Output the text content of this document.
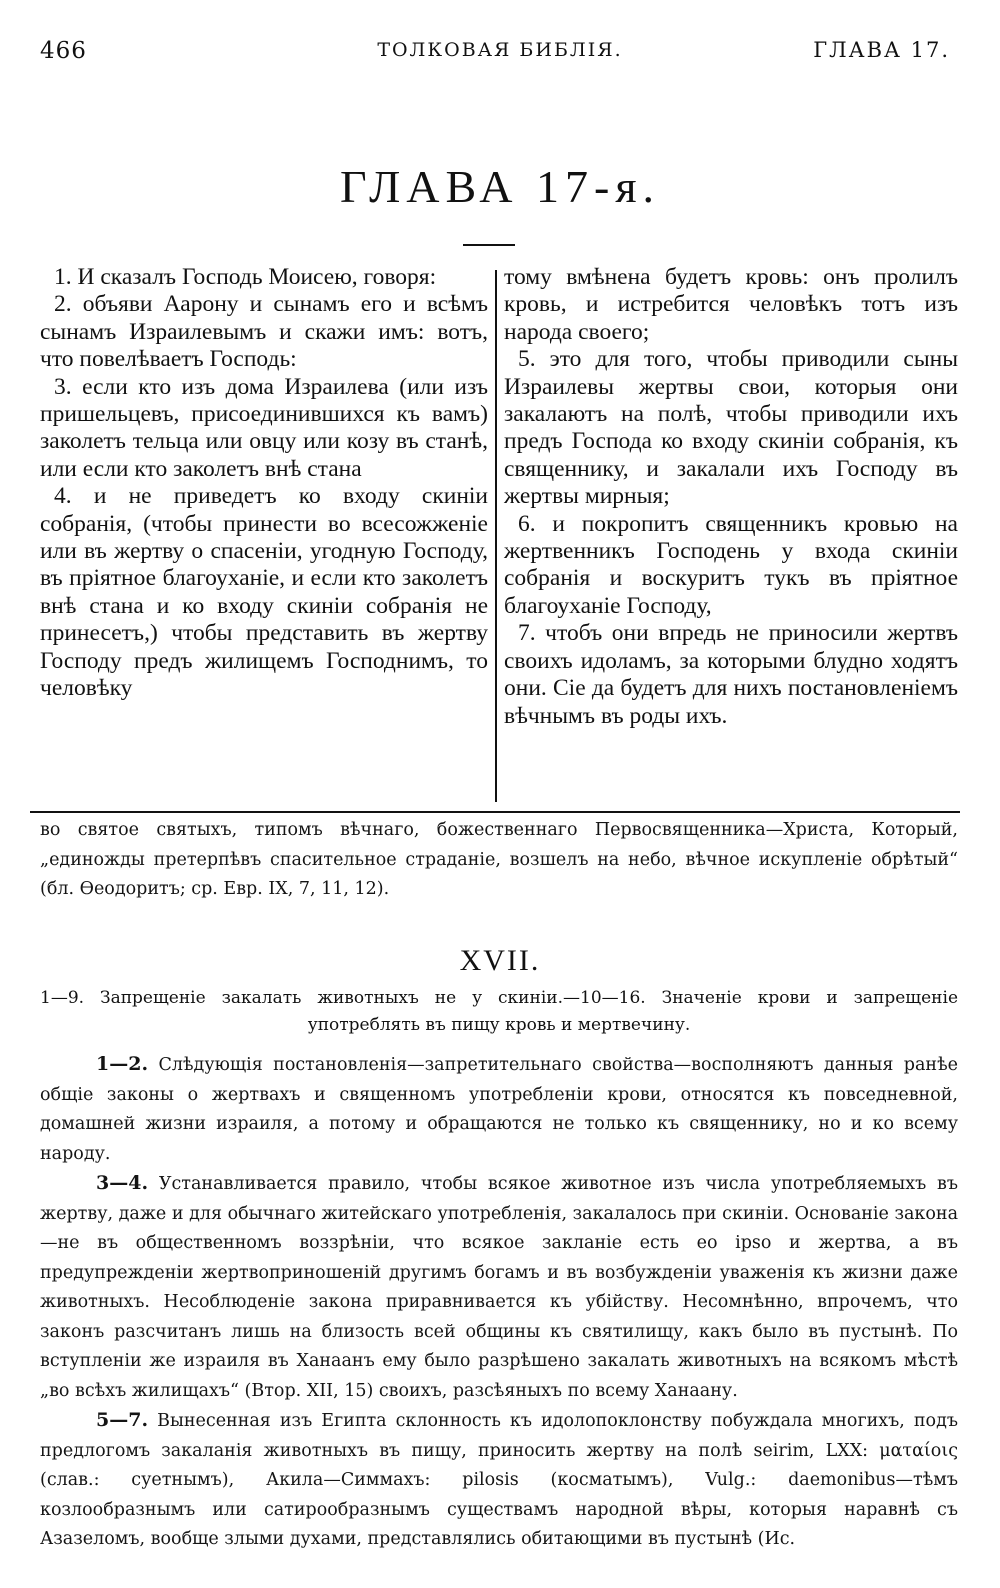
466	ТОЛКОВАЯ БИБЛІЯ.	ГЛАВА 17.
ГЛАВА 17-я.

1. И сказалъ Господь Моисею, говоря:

2. объяви Аарону и сынамъ его и всѣмъ сынамъ Израилевымъ и скажи имъ: вотъ, что повелѣваетъ Господь:

3. если кто изъ дома Израилева (или изъ пришельцевъ, присоединившихся къ вамъ) заколетъ тельца или овцу или козу въ станѣ, или если кто заколетъ внѣ стана

4. и не приведетъ ко входу скиніи собранія, (чтобы принести во всесожженіе или въ жертву о спасеніи, угодную Господу, въ пріятное благоуханіе, и если кто заколетъ внѣ стана и ко входу скиніи собранія не принесетъ,) чтобы представить въ жертву Господу предъ жилищемъ Господнимъ, то человѣку

тому вмѣнена будетъ кровь: онъ пролилъ кровь, и истребится человѣкъ тотъ изъ народа своего;

5. это для того, чтобы приводили сыны Израилевы жертвы свои, которыя они закалаютъ на полѣ, чтобы приводили ихъ предъ Господа ко входу скиніи собранія, къ священнику, и закалали ихъ Господу въ жертвы мирныя;

6. и покропитъ священникъ кровью на жертвенникъ Господень у входа скиніи собранія и воскуритъ тукъ въ пріятное благоуханіе Господу,

7. чтобъ они впредь не приносили жертвъ своихъ идоламъ, за которыми блудно ходятъ они. Сіе да будетъ для нихъ постановленіемъ вѣчнымъ въ роды ихъ.

во святое святыхъ, типомъ вѣчнаго, божественнаго Первосвященника—Христа, Который, „единожды претерпѣвъ спасительное страданіе, возшелъ на небо, вѣчное искупленіе обрѣтый“ (бл. Ѳеодоритъ; ср. Евр. IX, 7, 11, 12).

XVII.
1—9. Запрещеніе закалать животныхъ не у скиніи.—10—16. Значеніе крови и запрещеніе употреблять въ пищу кровь и мертвечину.

1—2. Слѣдующія постановленія—запретительнаго свойства—восполняютъ данныя ранѣе общіе законы о жертвахъ и священномъ употребленіи крови, относятся къ повседневной, домашней жизни израиля, а потому и обращаются не только къ священнику, но и ко всему народу.

3—4. Устанавливается правило, чтобы всякое животное изъ числа употребляемыхъ въ жертву, даже и для обычнаго житейскаго употребленія, закалалось при скиніи. Основаніе закона—не въ общественномъ воззрѣніи, что всякое закланіе есть eo ipso и жертва, а въ предупрежденіи жертвоприношеній другимъ богамъ и въ возбужденіи уваженія къ жизни даже животныхъ. Несоблюденіе закона приравнивается къ убійству. Несомнѣнно, впрочемъ, что законъ разсчитанъ лишь на близость всей общины къ святилищу, какъ было въ пустынѣ. По вступленіи же израиля въ Ханаанъ ему было разрѣшено закалать животныхъ на всякомъ мѣстѣ „во всѣхъ жилищахъ“ (Втор. XII, 15) своихъ, разсѣяныхъ по всему Ханаану.

5—7. Вынесенная изъ Египта склонность къ идолопоклонству побуждала многихъ, подъ предлогомъ закаланія животныхъ въ пищу, приносить жертву на полѣ seirim, LXX: ματαίοις (слав.: суетнымъ), Акила—Симмахъ: pilosis (косматымъ), Vulg.: daemonibus—тѣмъ козлообразнымъ или сатирообразнымъ существамъ народной вѣры, которыя наравнѣ съ Азазеломъ, вообще злыми духами, представлялись обитающими въ пустынѣ (Ис.
